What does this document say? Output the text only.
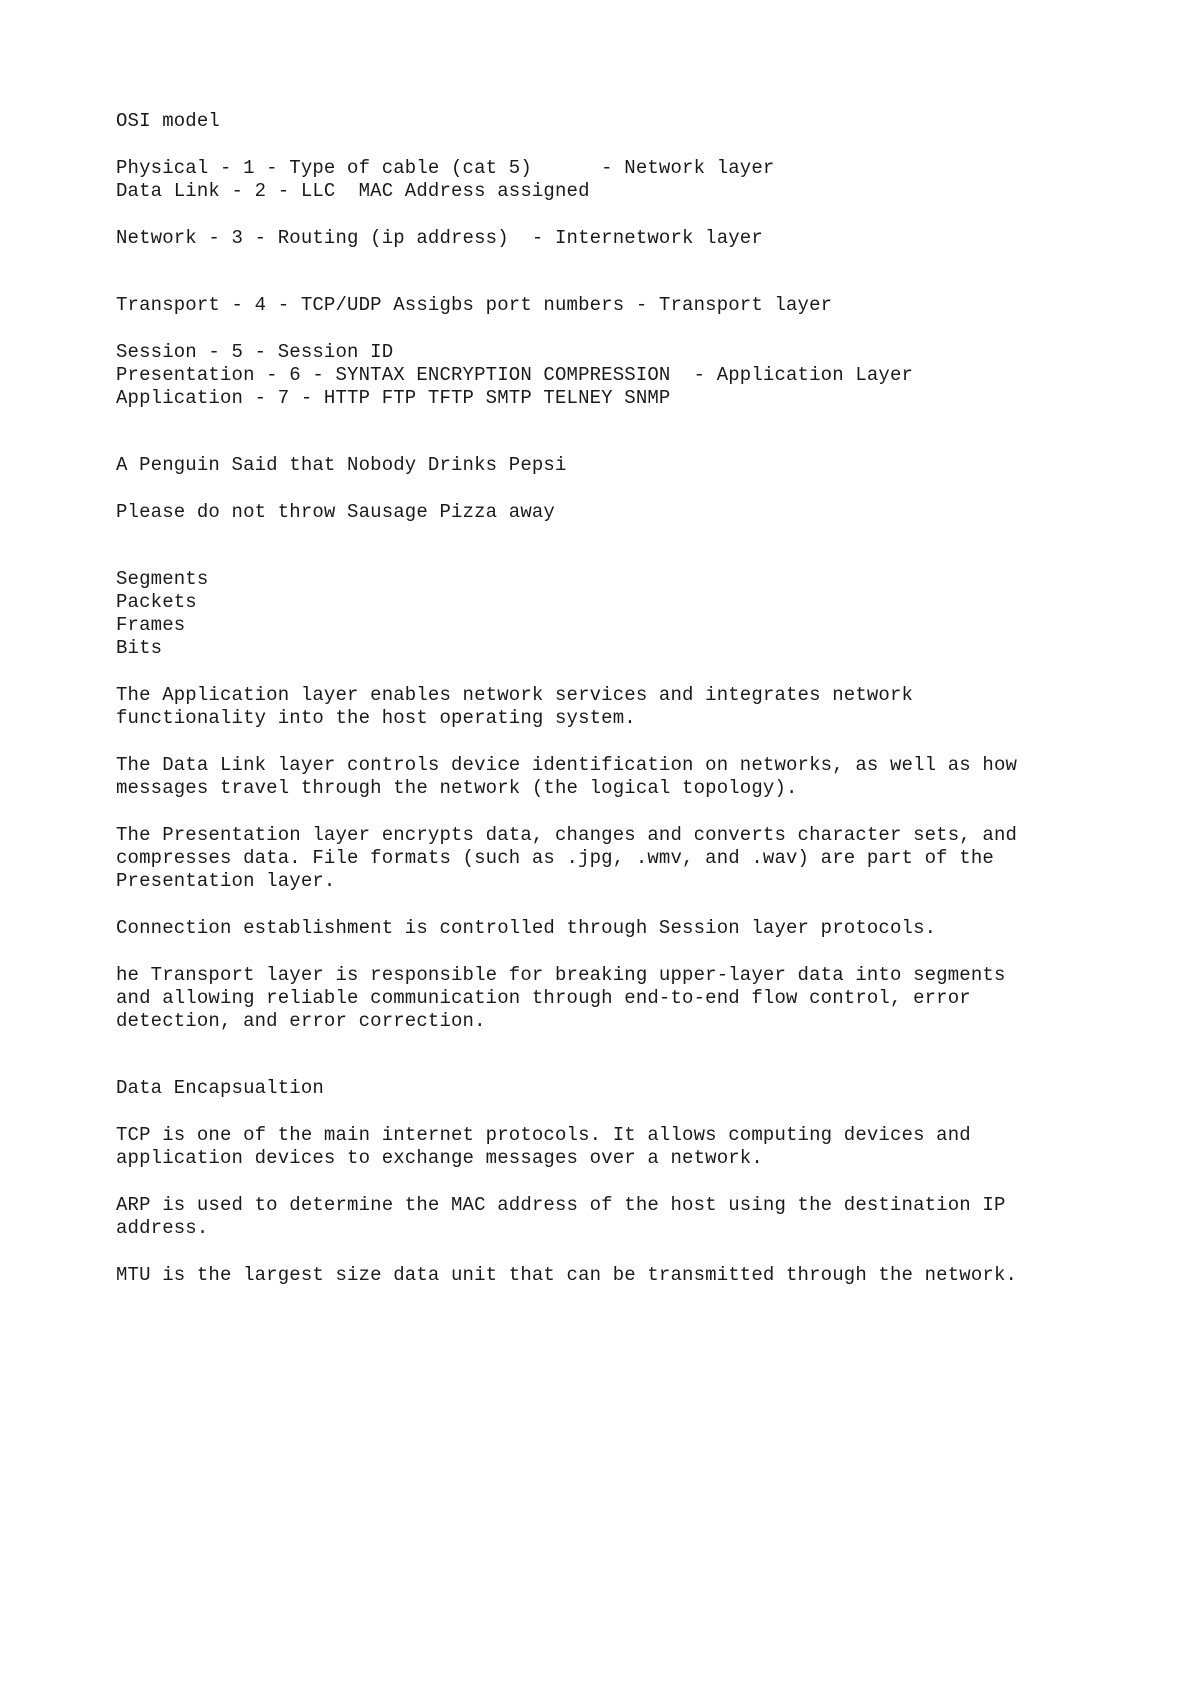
OSI model
Physical - 1 - Type of cable (cat 5)      - Network layer
Data Link - 2 - LLC  MAC Address assigned
Network - 3 - Routing (ip address)  - Internetwork layer
Transport - 4 - TCP/UDP Assigbs port numbers - Transport layer
Session - 5 - Session ID
Presentation - 6 - SYNTAX ENCRYPTION COMPRESSION  - Application Layer
Application - 7 - HTTP FTP TFTP SMTP TELNEY SNMP
A Penguin Said that Nobody Drinks Pepsi
Please do not throw Sausage Pizza away
Segments
Packets
Frames
Bits
The Application layer enables network services and integrates network
functionality into the host operating system.
The Data Link layer controls device identification on networks, as well as how
messages travel through the network (the logical topology).
The Presentation layer encrypts data, changes and converts character sets, and
compresses data. File formats (such as .jpg, .wmv, and .wav) are part of the
Presentation layer.
Connection establishment is controlled through Session layer protocols.
he Transport layer is responsible for breaking upper-layer data into segments
and allowing reliable communication through end-to-end flow control, error
detection, and error correction.
Data Encapsualtion
TCP is one of the main internet protocols. It allows computing devices and
application devices to exchange messages over a network.
ARP is used to determine the MAC address of the host using the destination IP
address.
MTU is the largest size data unit that can be transmitted through the network.
